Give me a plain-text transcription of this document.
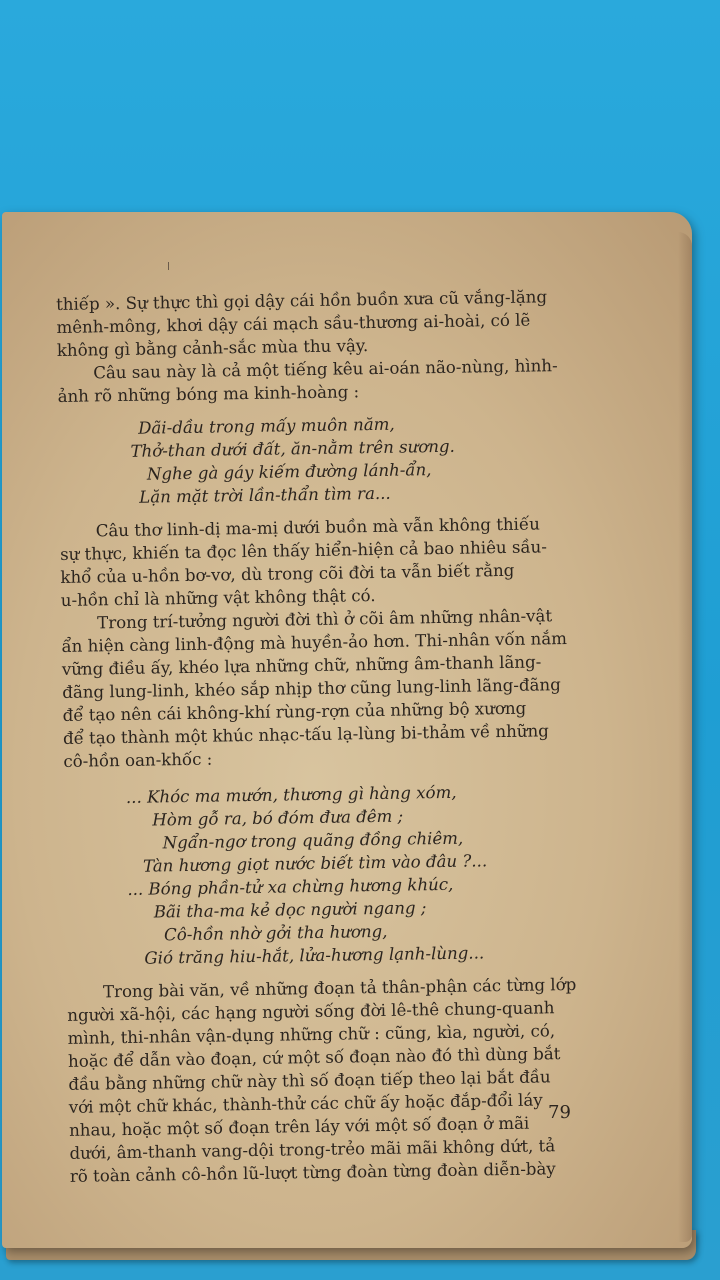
thiếp ». Sự thực thì gọi dậy cái hồn buồn xưa cũ vắng-lặng
mênh-mông, khơi dậy cái mạch sầu-thương ai-hoài, có lẽ
không gì bằng cảnh-sắc mùa thu vậy.
Câu sau này là cả một tiếng kêu ai-oán não-nùng, hình-
ảnh rõ những bóng ma kinh-hoàng :
Dãi-dầu trong mấy muôn năm,
Thở-than dưới đất, ăn-nằm trên sương.
Nghe gà gáy kiếm đường lánh-ẩn,
Lặn mặt trời lần-thẩn tìm ra...
Câu thơ linh-dị ma-mị dưới buồn mà vẫn không thiếu
sự thực, khiến ta đọc lên thấy hiển-hiện cả bao nhiêu sầu-
khổ của u-hồn bơ-vơ, dù trong cõi đời ta vẫn biết rằng
u-hồn chỉ là những vật không thật có.
Trong trí-tưởng người đời thì ở cõi âm những nhân-vật
ẩn hiện càng linh-động mà huyền-ảo hơn. Thi-nhân vốn nắm
vững điều ấy, khéo lựa những chữ, những âm-thanh lãng-
đãng lung-linh, khéo sắp nhịp thơ cũng lung-linh lãng-đãng
để tạo nên cái không-khí rùng-rợn của những bộ xương
để tạo thành một khúc nhạc-tấu lạ-lùng bi-thảm về những
cô-hồn oan-khốc :
... Khóc ma mướn, thương gì hàng xóm,
Hòm gỗ ra, bó đóm đưa đêm ;
Ngẩn-ngơ trong quãng đồng chiêm,
Tàn hương giọt nước biết tìm vào đâu ?...
... Bóng phần-tử xa chừng hương khúc,
Bãi tha-ma kẻ dọc người ngang ;
Cô-hồn nhờ gởi tha hương,
Gió trăng hiu-hắt, lửa-hương lạnh-lùng...
Trong bài văn, về những đoạn tả thân-phận các từng lớp
người xã-hội, các hạng người sống đời lê-thê chung-quanh
mình, thi-nhân vận-dụng những chữ : cũng, kìa, người, có,
hoặc để dẫn vào đoạn, cứ một số đoạn nào đó thì dùng bắt
đầu bằng những chữ này thì số đoạn tiếp theo lại bắt đầu
với một chữ khác, thành-thử các chữ ấy hoặc đắp-đổi láy
nhau, hoặc một số đoạn trên láy với một số đoạn ở mãi
dưới, âm-thanh vang-dội trong-trẻo mãi mãi không dứt, tả
rõ toàn cảnh cô-hồn lũ-lượt từng đoàn từng đoàn diễn-bày
79
